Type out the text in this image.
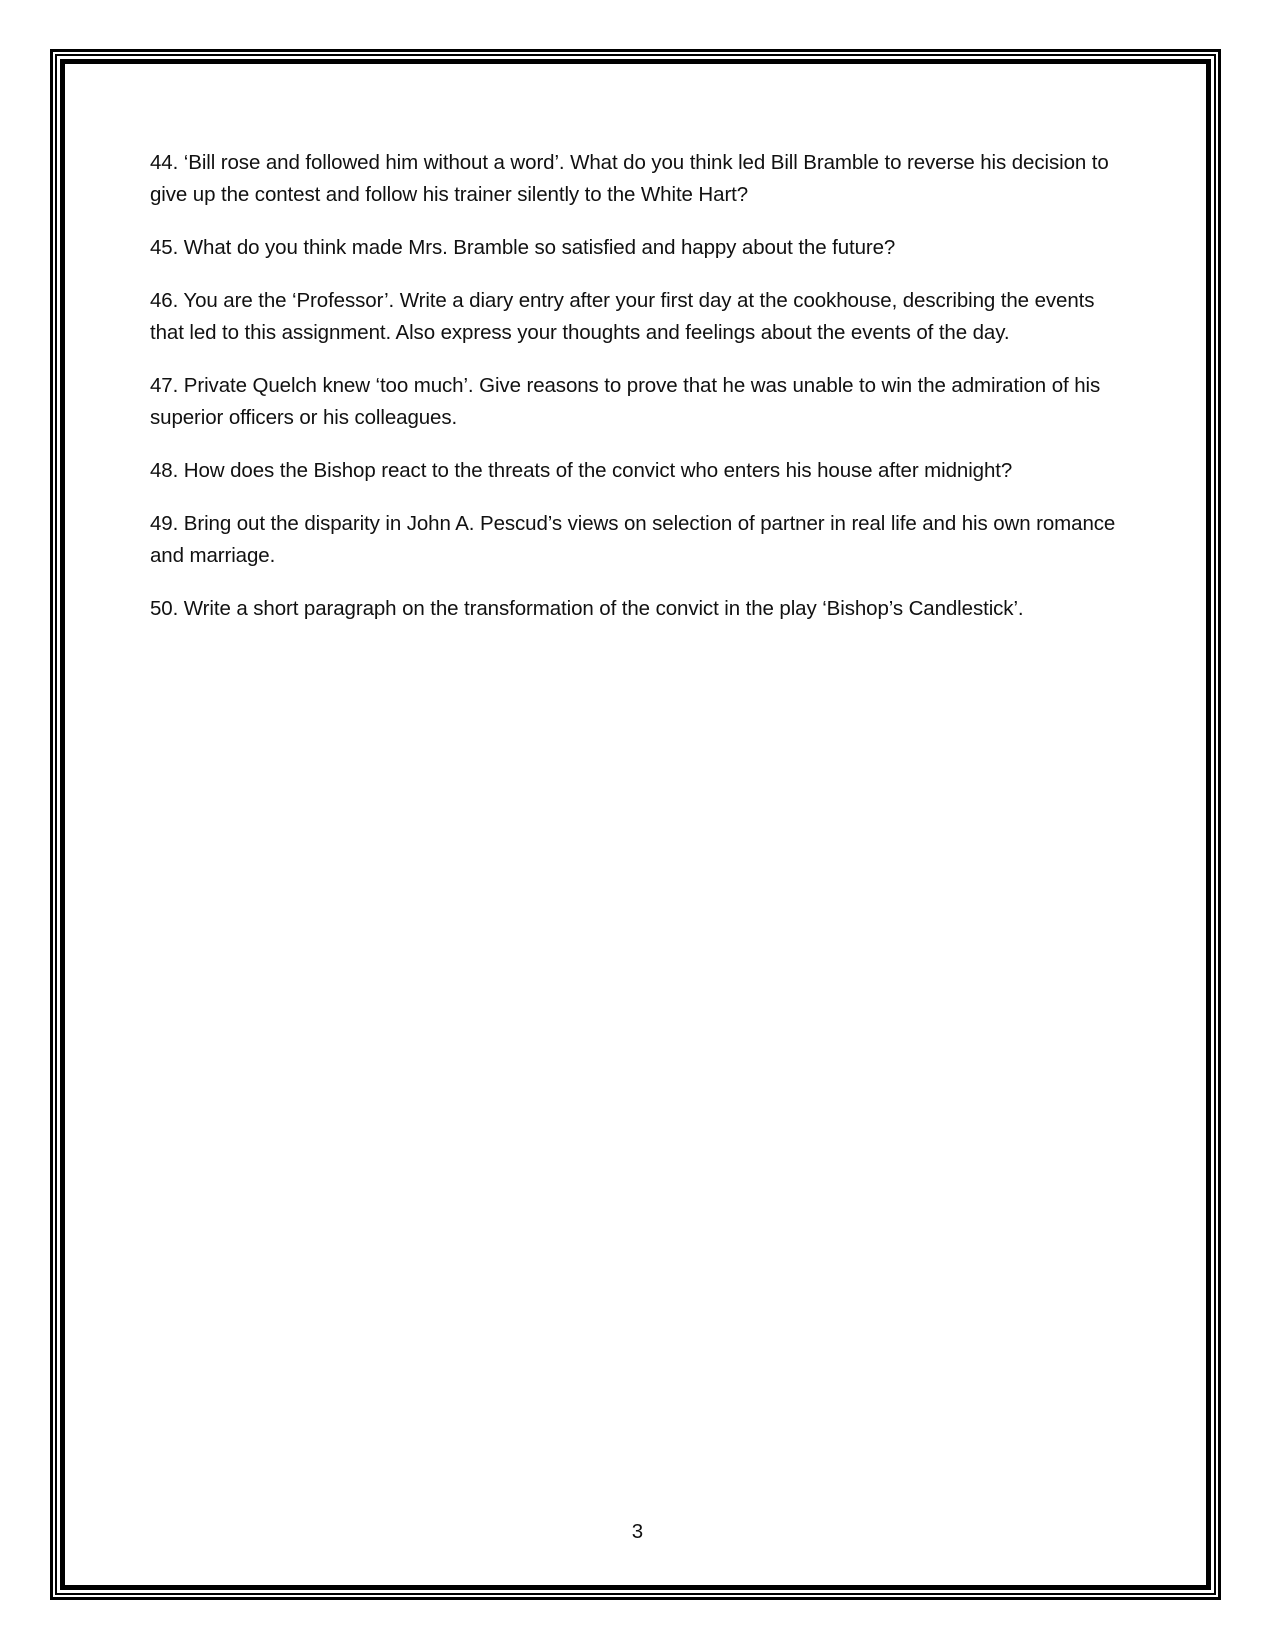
44. ‘Bill rose and followed him without a word’. What do you think led Bill Bramble to reverse his decision to give up the contest and follow his trainer silently to the White Hart?

45. What do you think made Mrs. Bramble so satisfied and happy about the future?

46. You are the ‘Professor’. Write a diary entry after your first day at the cookhouse, describing the events that led to this assignment. Also express your thoughts and feelings about the events of the day.

47. Private Quelch knew ‘too much’. Give reasons to prove that he was unable to win the admiration of his superior officers or his colleagues.

48. How does the Bishop react to the threats of the convict who enters his house after midnight?

49. Bring out the disparity in John A. Pescud’s views on selection of partner in real life and his own romance and marriage.

50. Write a short paragraph on the transformation of the convict in the play ‘Bishop’s Candlestick’.

3
